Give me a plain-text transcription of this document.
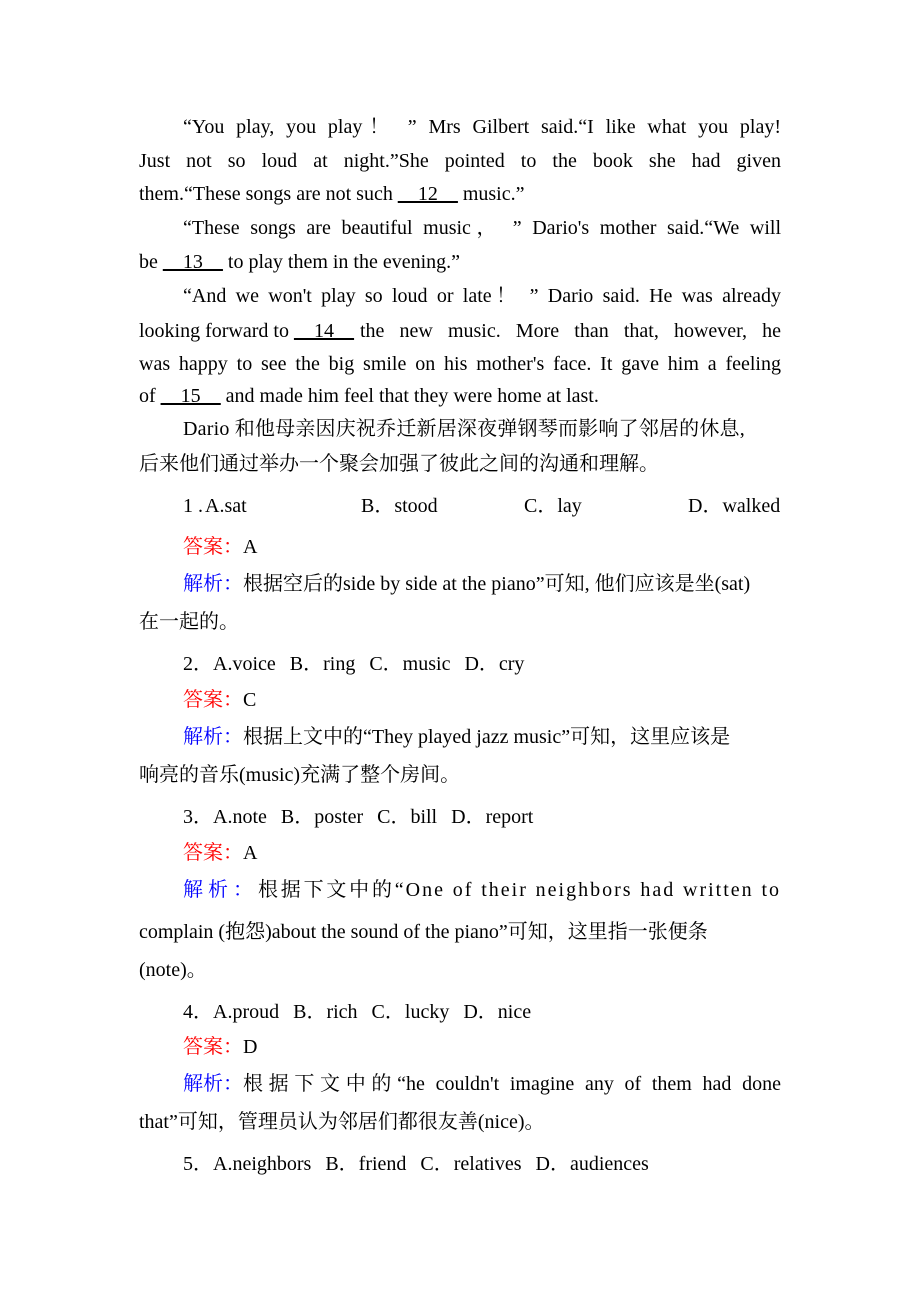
“You play, you play！ ” Mrs Gilbert said.“I like what you play!
Just not so loud at night.”She pointed to the book she had given
them.“These songs are not such __12__ music.”
“These songs are beautiful music， ” Dario's mother said.“We will
be __13__ to play them in the evening.”
“And we won't play so loud or late！ ” Dario said. He was already
looking forward to __14__ the new music. More than that, however, he
was happy to see the big smile on his mother's face. It gave him a feeling
of __15__ and made him feel that they were home at last.
Dario 和他母亲因庆祝乔迁新居深夜弹钢琴而影响了邻居的休息,
后来他们通过举办一个聚会加强了彼此之间的沟通和理解。
1 . A.sat	B．stood	C．lay	D．walked
答案：A
解析：根据空后的side by side at the piano”可知, 他们应该是坐(sat)
在一起的。
2．A.voice B．ring C．music D．cry
答案：C
解析：根据上文中的“They played jazz music”可知，这里应该是
响亮的音乐(music)充满了整个房间。
3．A.note B．poster C．bill D．report
答案：A
解析： 根据下文中的“One of their neighbors had written to
complain (抱怨)about the sound of the piano”可知，这里指一张便条
(note)。
4．A.proud B．rich C．lucky D．nice
答案：D
解析： 根据下文中的“he couldn't imagine any of them had done
that”可知，管理员认为邻居们都很友善(nice)。
5．A.neighbors B．friend C．relatives D．audiences
